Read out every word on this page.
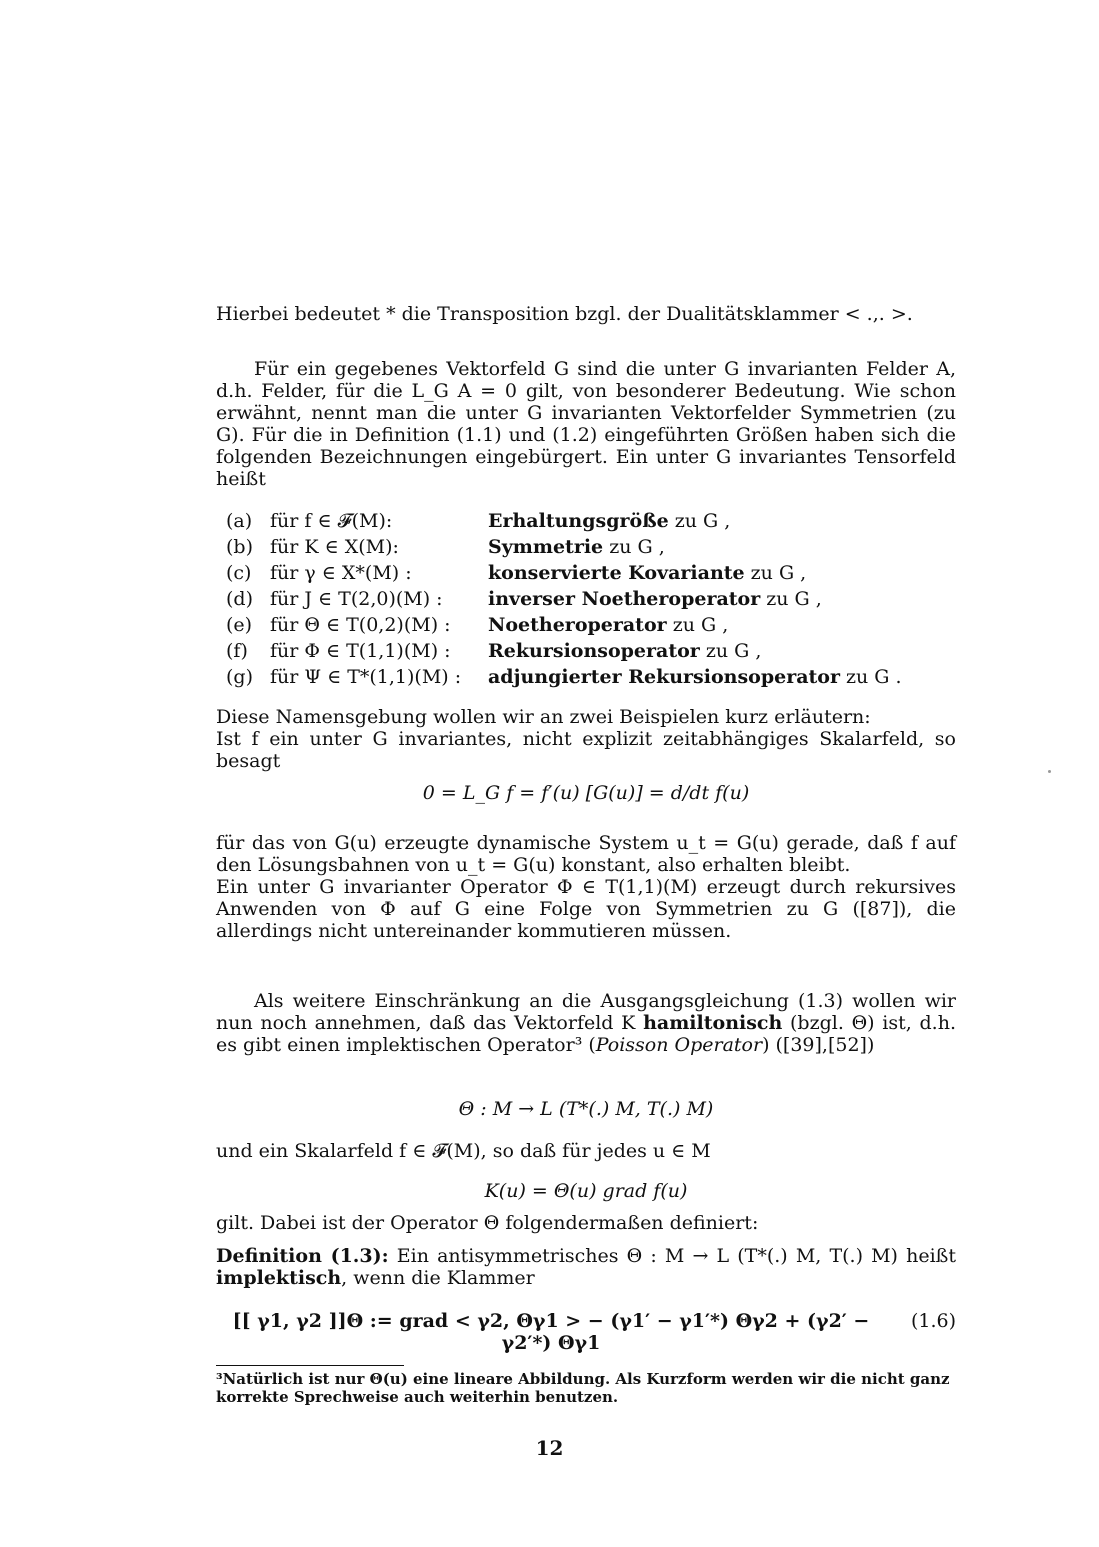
Hierbei bedeutet * die Transposition bzgl. der Dualitätsklammer < .,. >.

Für ein gegebenes Vektorfeld G sind die unter G invarianten Felder A, d.h. Felder, für die L_G A = 0 gilt, von besonderer Bedeutung. Wie schon erwähnt, nennt man die unter G invarianten Vektorfelder Symmetrien (zu G). Für die in Definition (1.1) und (1.2) eingeführten Größen haben sich die folgenden Bezeichnungen eingebürgert. Ein unter G invariantes Tensorfeld heißt

(a) für f ∈ 𝓕(M):	Erhaltungsgröße zu G ,
(b) für K ∈ X(M):	Symmetrie zu G ,
(c) für γ ∈ X*(M) :	konservierte Kovariante zu G ,
(d) für J ∈ T(2,0)(M) :	inverser Noetheroperator zu G ,
(e) für Θ ∈ T(0,2)(M) :	Noetheroperator zu G ,
(f)	für Φ ∈ T(1,1)(M) :	Rekursionsoperator zu G ,
(g) für Ψ ∈ T*(1,1)(M) :	adjungierter Rekursionsoperator zu G .

Diese Namensgebung wollen wir an zwei Beispielen kurz erläutern:

Ist f ein unter G invariantes, nicht explizit zeitabhängiges Skalarfeld, so besagt

0 = L_G f = f′(u) [G(u)] = d/dt f(u)

für das von G(u) erzeugte dynamische System u_t = G(u) gerade, daß f auf den Lösungsbahnen von u_t = G(u) konstant, also erhalten bleibt.

Ein unter G invarianter Operator Φ ∈ T(1,1)(M) erzeugt durch rekursives Anwenden von Φ auf G eine Folge von Symmetrien zu G ([87]), die allerdings nicht untereinander kommutieren müssen.

Als weitere Einschränkung an die Ausgangsgleichung (1.3) wollen wir nun noch annehmen, daß das Vektorfeld K hamiltonisch (bzgl. Θ) ist, d.h. es gibt einen implektischen Operator³ (Poisson Operator) ([39],[52])

Θ : M → L (T*(.) M, T(.) M)

und ein Skalarfeld f ∈ 𝓕(M), so daß für jedes u ∈ M

K(u) = Θ(u) grad f(u)

gilt. Dabei ist der Operator Θ folgendermaßen definiert:

Definition (1.3): Ein antisymmetrisches Θ : M → L (T*(.) M, T(.) M) heißt implektisch, wenn die Klammer

[[ γ1, γ2 ]]Θ := grad < γ2, Θγ1 > − (γ1′ − γ1′*) Θγ2 + (γ2′ − γ2′*) Θγ1
(1.6)
³Natürlich ist nur Θ(u) eine lineare Abbildung. Als Kurzform werden wir die nicht ganz korrekte Sprechweise auch weiterhin benutzen.
12
